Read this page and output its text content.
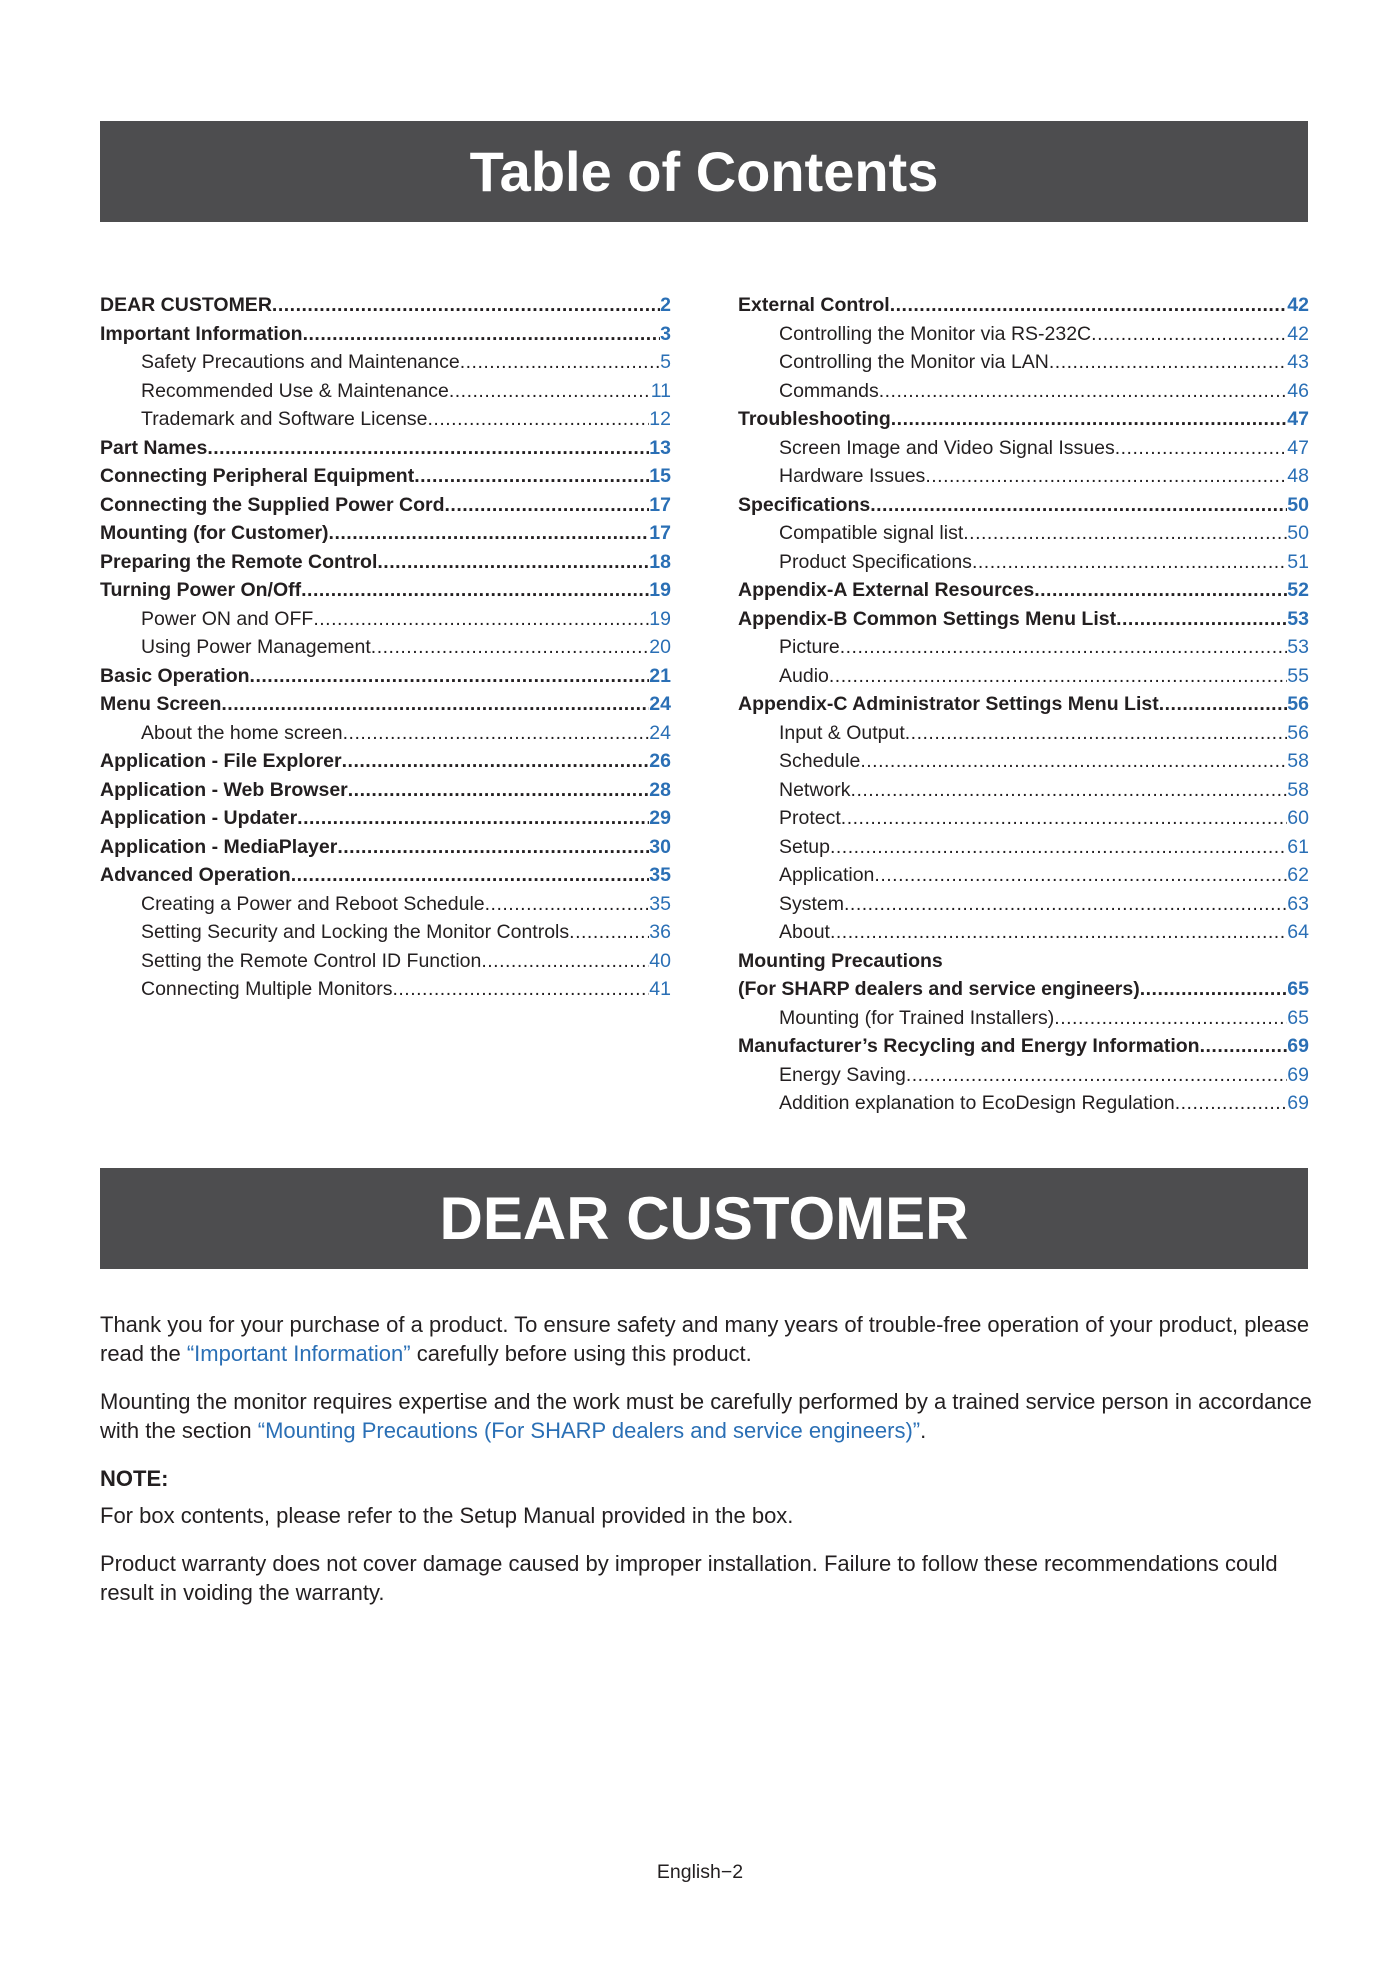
Table of Contents
DEAR CUSTOMER .....	2
Important Information .....	3
Safety Precautions and Maintenance .....	5
Recommended Use & Maintenance .....	11
Trademark and Software License .....	12
Part Names .....	13
Connecting Peripheral Equipment .....	15
Connecting the Supplied Power Cord .....	17
Mounting (for Customer) .....	17
Preparing the Remote Control .....	18
Turning Power On/Off .....	19
Power ON and OFF .....	19
Using Power Management .....	20
Basic Operation .....	21
Menu Screen .....	24
About the home screen .....	24
Application - File Explorer .....	26
Application - Web Browser .....	28
Application - Updater .....	29
Application - MediaPlayer .....	30
Advanced Operation .....	35
Creating a Power and Reboot Schedule .....	35
Setting Security and Locking the Monitor Controls .....	36
Setting the Remote Control ID Function .....	40
Connecting Multiple Monitors .....	41
External Control .....	42
Controlling the Monitor via RS-232C .....	42
Controlling the Monitor via LAN .....	43
Commands .....	46
Troubleshooting .....	47
Screen Image and Video Signal Issues .....	47
Hardware Issues .....	48
Specifications .....	50
Compatible signal list .....	50
Product Specifications .....	51
Appendix-A External Resources .....	52
Appendix-B Common Settings Menu List .....	53
Picture .....	53
Audio .....	55
Appendix-C Administrator Settings Menu List .....	56
Input & Output .....	56
Schedule .....	58
Network .....	58
Protect .....	60
Setup .....	61
Application .....	62
System .....	63
About .....	64
Mounting Precautions
(For SHARP dealers and service engineers) .....	65
Mounting (for Trained Installers) .....	65
Manufacturer’s Recycling and Energy Information .....	69
Energy Saving .....	69
Addition explanation to EcoDesign Regulation .....	69
DEAR CUSTOMER

Thank you for your purchase of a product. To ensure safety and many years of trouble-free operation of your product, please read the “Important Information” carefully before using this product.

Mounting the monitor requires expertise and the work must be carefully performed by a trained service person in accordance with the section “Mounting Precautions (For SHARP dealers and service engineers)”.

NOTE:

For box contents, please refer to the Setup Manual provided in the box.

Product warranty does not cover damage caused by improper installation. Failure to follow these recommendations could result in voiding the warranty.

English−2
